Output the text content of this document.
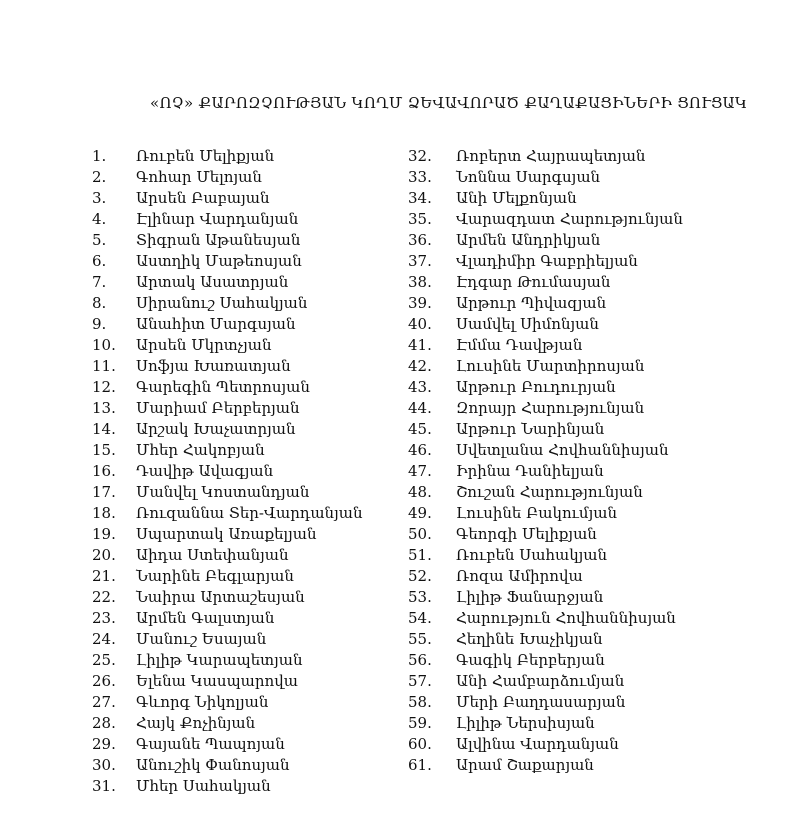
«ՈՉ» ՔԱՐՈԶՉՈՒԹՅԱՆ ԿՈՂՄ ՁԵՎԱՎՈՐԱԾ ՔԱՂԱՔԱՑԻՆԵՐԻ ՑՈՒՑԱԿ
1.	Ռուբեն Մելիքյան
2.	Գոհար Մելոյան
3.	Արսեն Բաբայան
4.	Էլինար Վարդանյան
5.	Տիգրան Աթանեսյան
6.	Աստղիկ Մաթեոսյան
7.	Արտակ Ասատրյան
8.	Սիրանուշ Սահակյան
9.	Անահիտ Մարգսյան
10.	Արսեն Մկրտչյան
11.	Սոֆյա Խառատյան
12.	Գարեգին Պետրոսյան
13.	Մարիամ Բերբերյան
14.	Արշակ Խաչատրյան
15.	Մհեր Հակոբյան
16.	Դավիթ Ավագյան
17.	Մանվել Կոստանդյան
18.	Ռուզաննա Տեր-Վարդանյան
19.	Սպարտակ Առաքելյան
20.	Աիդա Ստեփանյան
21.	Նարինե Բեգլարյան
22.	Նաիրա Արտաշեսյան
23.	Արմեն Գալստյան
24.	Մանուշ Եսայան
25.	Լիլիթ Կարապետյան
26.	Ելենա Կասպարովա
27.	Գևորգ Նիկոլյան
28.	Հայկ Քոչինյան
29.	Գայանե Պապոյան
30.	Անուշիկ Փանոսյան
31.	Մհեր Սահակյան
32.	Ռոբերտ Հայրապետյան
33.	Նոննա Սարգսյան
34.	Անի Մելքոնյան
35.	Վարազդատ Հարությունյան
36.	Արմեն Անդրիկյան
37.	Վլադիմիր Գաբրիելյան
38.	Էդգար Թումասյան
39.	Արթուր Պիվազյան
40.	Սամվել Սիմոնյան
41.	Էմմա Դավթյան
42.	Լուսինե Մարտիրոսյան
43.	Արթուր Բուդուրյան
44.	Զորայր Հարությունյան
45.	Արթուր Նարինյան
46.	Սվետլանա Հովհաննիսյան
47.	Իրինա Դանիելյան
48.	Շուշան Հարությունյան
49.	Լուսինե Բակումյան
50.	Գեորգի Մելիքյան
51.	Ռուբեն Սահակյան
52.	Ռոզա Ամիրովա
53.	Լիլիթ Ֆանարջյան
54.	Հարություն Հովհաննիսյան
55.	Հեղինե Խաչիկյան
56.	Գագիկ Բերբերյան
57.	Անի Համբարձումյան
58.	Մերի Բաղդասարյան
59.	Լիլիթ Ներսիսյան
60.	Ալվինա Վարդանյան
61.	Արամ Շաքարյան
